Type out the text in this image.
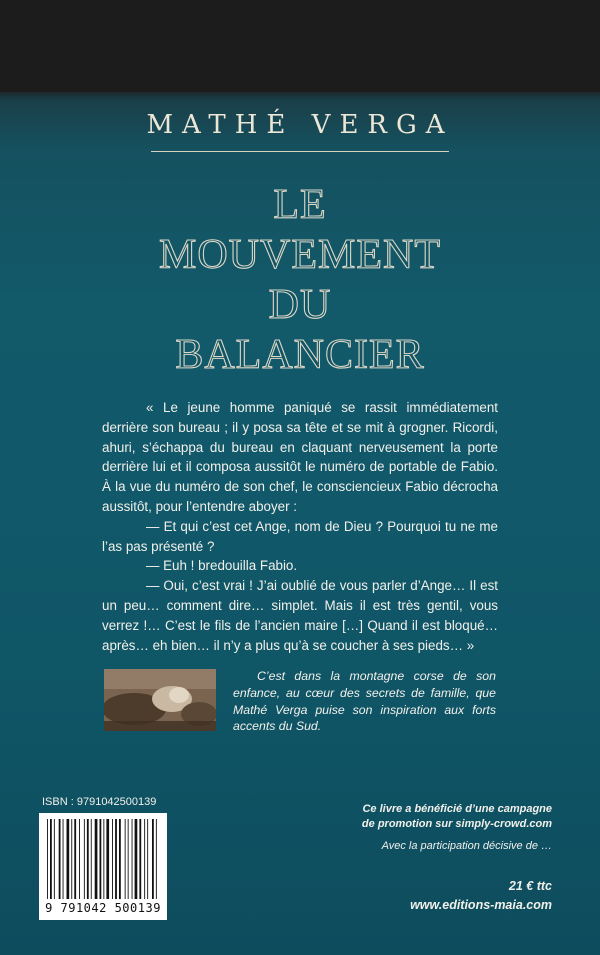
MATHÉ VERGA
LE
MOUVEMENT
DU
BALANCIER

« Le jeune homme paniqué se rassit immédiatement derrière son bureau ; il y posa sa tête et se mit à grogner. Ricordi, ahuri, s’échappa du bureau en claquant nerveusement la porte derrière lui et il composa aussitôt le numéro de portable de Fabio. À la vue du numéro de son chef, le consciencieux Fabio décrocha aussitôt, pour l’entendre aboyer :

— Et qui c’est cet Ange, nom de Dieu ? Pourquoi tu ne me l’as pas présenté ?

— Euh ! bredouilla Fabio.

— Oui, c’est vrai ! J’ai oublié de vous parler d’Ange… Il est un peu… comment dire… simplet. Mais il est très gentil, vous verrez !… C’est le fils de l’ancien maire […] Quand il est bloqué… après… eh bien… il n’y a plus qu’à se coucher à ses pieds… »

C’est dans la montagne corse de son enfance, au cœur des secrets de famille, que Mathé Verga puise son inspiration aux forts accents du Sud.
ISBN : 9791042500139
9 791042 500139
Ce livre a bénéficié d’une campagne
de promotion sur simply-crowd.com
Avec la participation décisive de …
21 € ttc
www.editions-maia.com
